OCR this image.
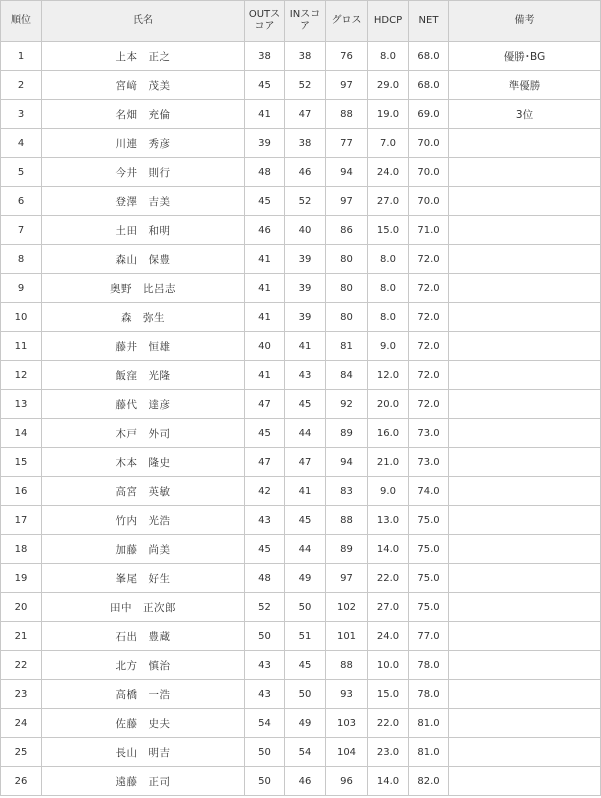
順位	氏名	OUTスコア	INスコア	グロス	HDCP	NET	備考
1	上本　正之	38	38	76	8.0	68.0	優勝･BG
2	宮﨑　茂美	45	52	97	29.0	68.0	準優勝
3	名畑　充倫	41	47	88	19.0	69.0	3位
4	川連　秀彦	39	38	77	7.0	70.0	
5	今井　則行	48	46	94	24.0	70.0	
6	登澤　吉美	45	52	97	27.0	70.0	
7	土田　和明	46	40	86	15.0	71.0	
8	森山　保豊	41	39	80	8.0	72.0	
9	奥野　比呂志	41	39	80	8.0	72.0	
10	森　弥生	41	39	80	8.0	72.0	
11	藤井　恒雄	40	41	81	9.0	72.0	
12	飯窪　光隆	41	43	84	12.0	72.0	
13	藤代　達彦	47	45	92	20.0	72.0	
14	木戸　外司	45	44	89	16.0	73.0	
15	木本　隆史	47	47	94	21.0	73.0	
16	高宮　英敏	42	41	83	9.0	74.0	
17	竹内　光浩	43	45	88	13.0	75.0	
18	加藤　尚美	45	44	89	14.0	75.0	
19	峯尾　好生	48	49	97	22.0	75.0	
20	田中　正次郎	52	50	102	27.0	75.0	
21	石出　豊蔵	50	51	101	24.0	77.0	
22	北方　慎治	43	45	88	10.0	78.0	
23	高橋　一浩	43	50	93	15.0	78.0	
24	佐藤　史夫	54	49	103	22.0	81.0	
25	長山　明吉	50	54	104	23.0	81.0	
26	遠藤　正司	50	46	96	14.0	82.0	
